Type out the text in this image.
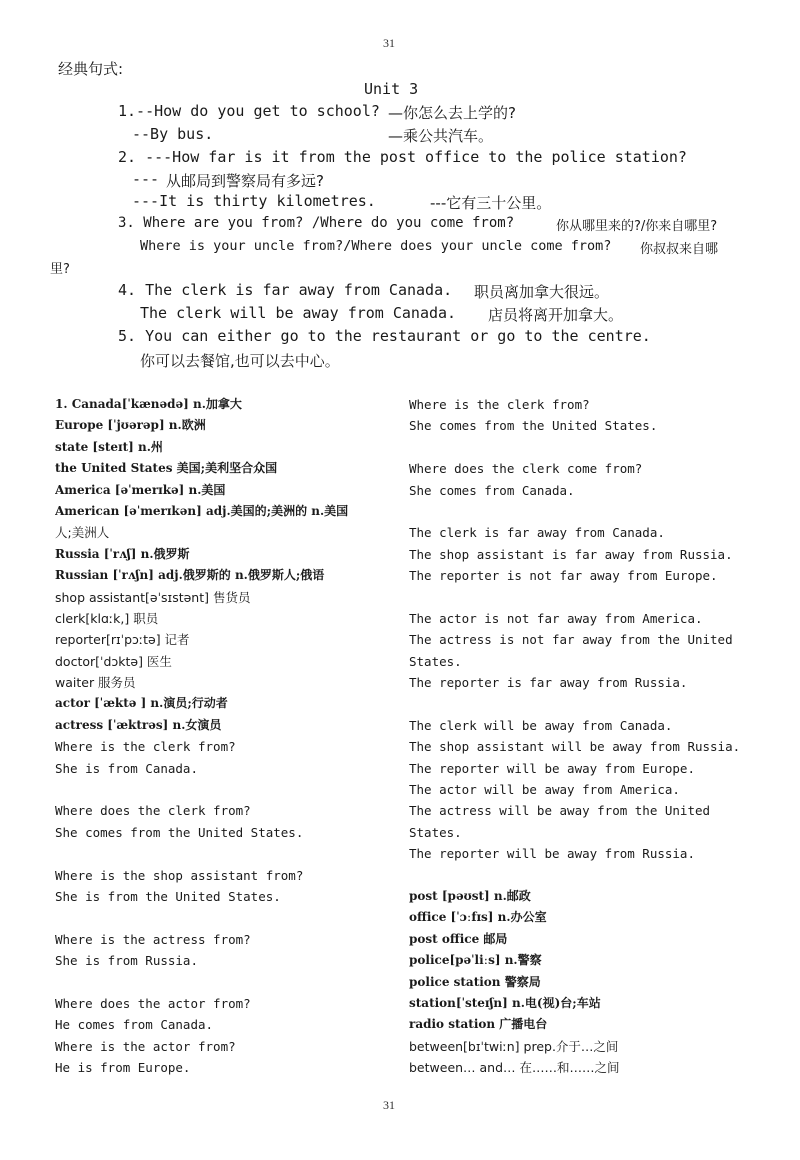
31
经典句式:
Unit 3
1.--How do you get to school? —你怎么去上学的?
--By bus.	—乘公共汽车。
2. ---How far is it from the post office to the police station?
--- 从邮局到警察局有多远?
---It is thirty kilometres.	---它有三十公里。
3. Where are you from? /Where do you come from?	你从哪里来的?/你来自哪里?
Where is your uncle from?/Where does your uncle come from? 你叔叔来自哪
里?
4. The clerk is far away from Canada. 职员离加拿大很远。
The clerk will be away from Canada. 店员将离开加拿大。
5. You can either go to the restaurant or go to the centre.
你可以去餐馆,也可以去中心。
1. Canada[ˈkænədə] n.加拿大
Europe [ˈjʊərəp] n.欧洲
state [steɪt] n.州
the United States 美国;美利坚合众国
America [əˈmerɪkə] n.美国
American [əˈmerɪkən] adj.美国的;美洲的 n.美国
人;美洲人
Russia [ˈrʌʃ] n.俄罗斯
Russian [ˈrʌʃn] adj.俄罗斯的 n.俄罗斯人;俄语
shop assistant[əˈsɪstənt] 售货员
clerk[klɑːk,] 职员
reporter[rɪˈpɔːtə] 记者
doctor[ˈdɔktə] 医生
waiter 服务员
actor [ˈæktə ] n.演员;行动者
actress [ˈæktrəs] n.女演员
Where is the clerk from?
She is from Canada.
Where does the clerk from?
She comes from the United States.
Where is the shop assistant from?
She is from the United States.
Where is the actress from?
She is from Russia.
Where does the actor from?
He comes from Canada.
Where is the actor from?
He is from Europe.
Where is the clerk from?
She comes from the United States.
Where does the clerk come from?
She comes from Canada.
The clerk is far away from Canada.
The shop assistant is far away from Russia.
The reporter is not far away from Europe.
The actor is not far away from America.
The actress is not far away from the United
States.
The reporter is far away from Russia.
The clerk will be away from Canada.
The shop assistant will be away from Russia.
The reporter will be away from Europe.
The actor will be away from America.
The actress will be away from the United
States.
The reporter will be away from Russia.
post [pəʊst] n.邮政
office [ˈɔːfɪs] n.办公室
post office 邮局
police[pəˈliːs] n.警察
police station 警察局
station[ˈsteɪʃn] n.电(视)台;车站
radio station 广播电台
between[bɪˈtwiːn] prep.介于…之间
between… and… 在……和……之间
31
